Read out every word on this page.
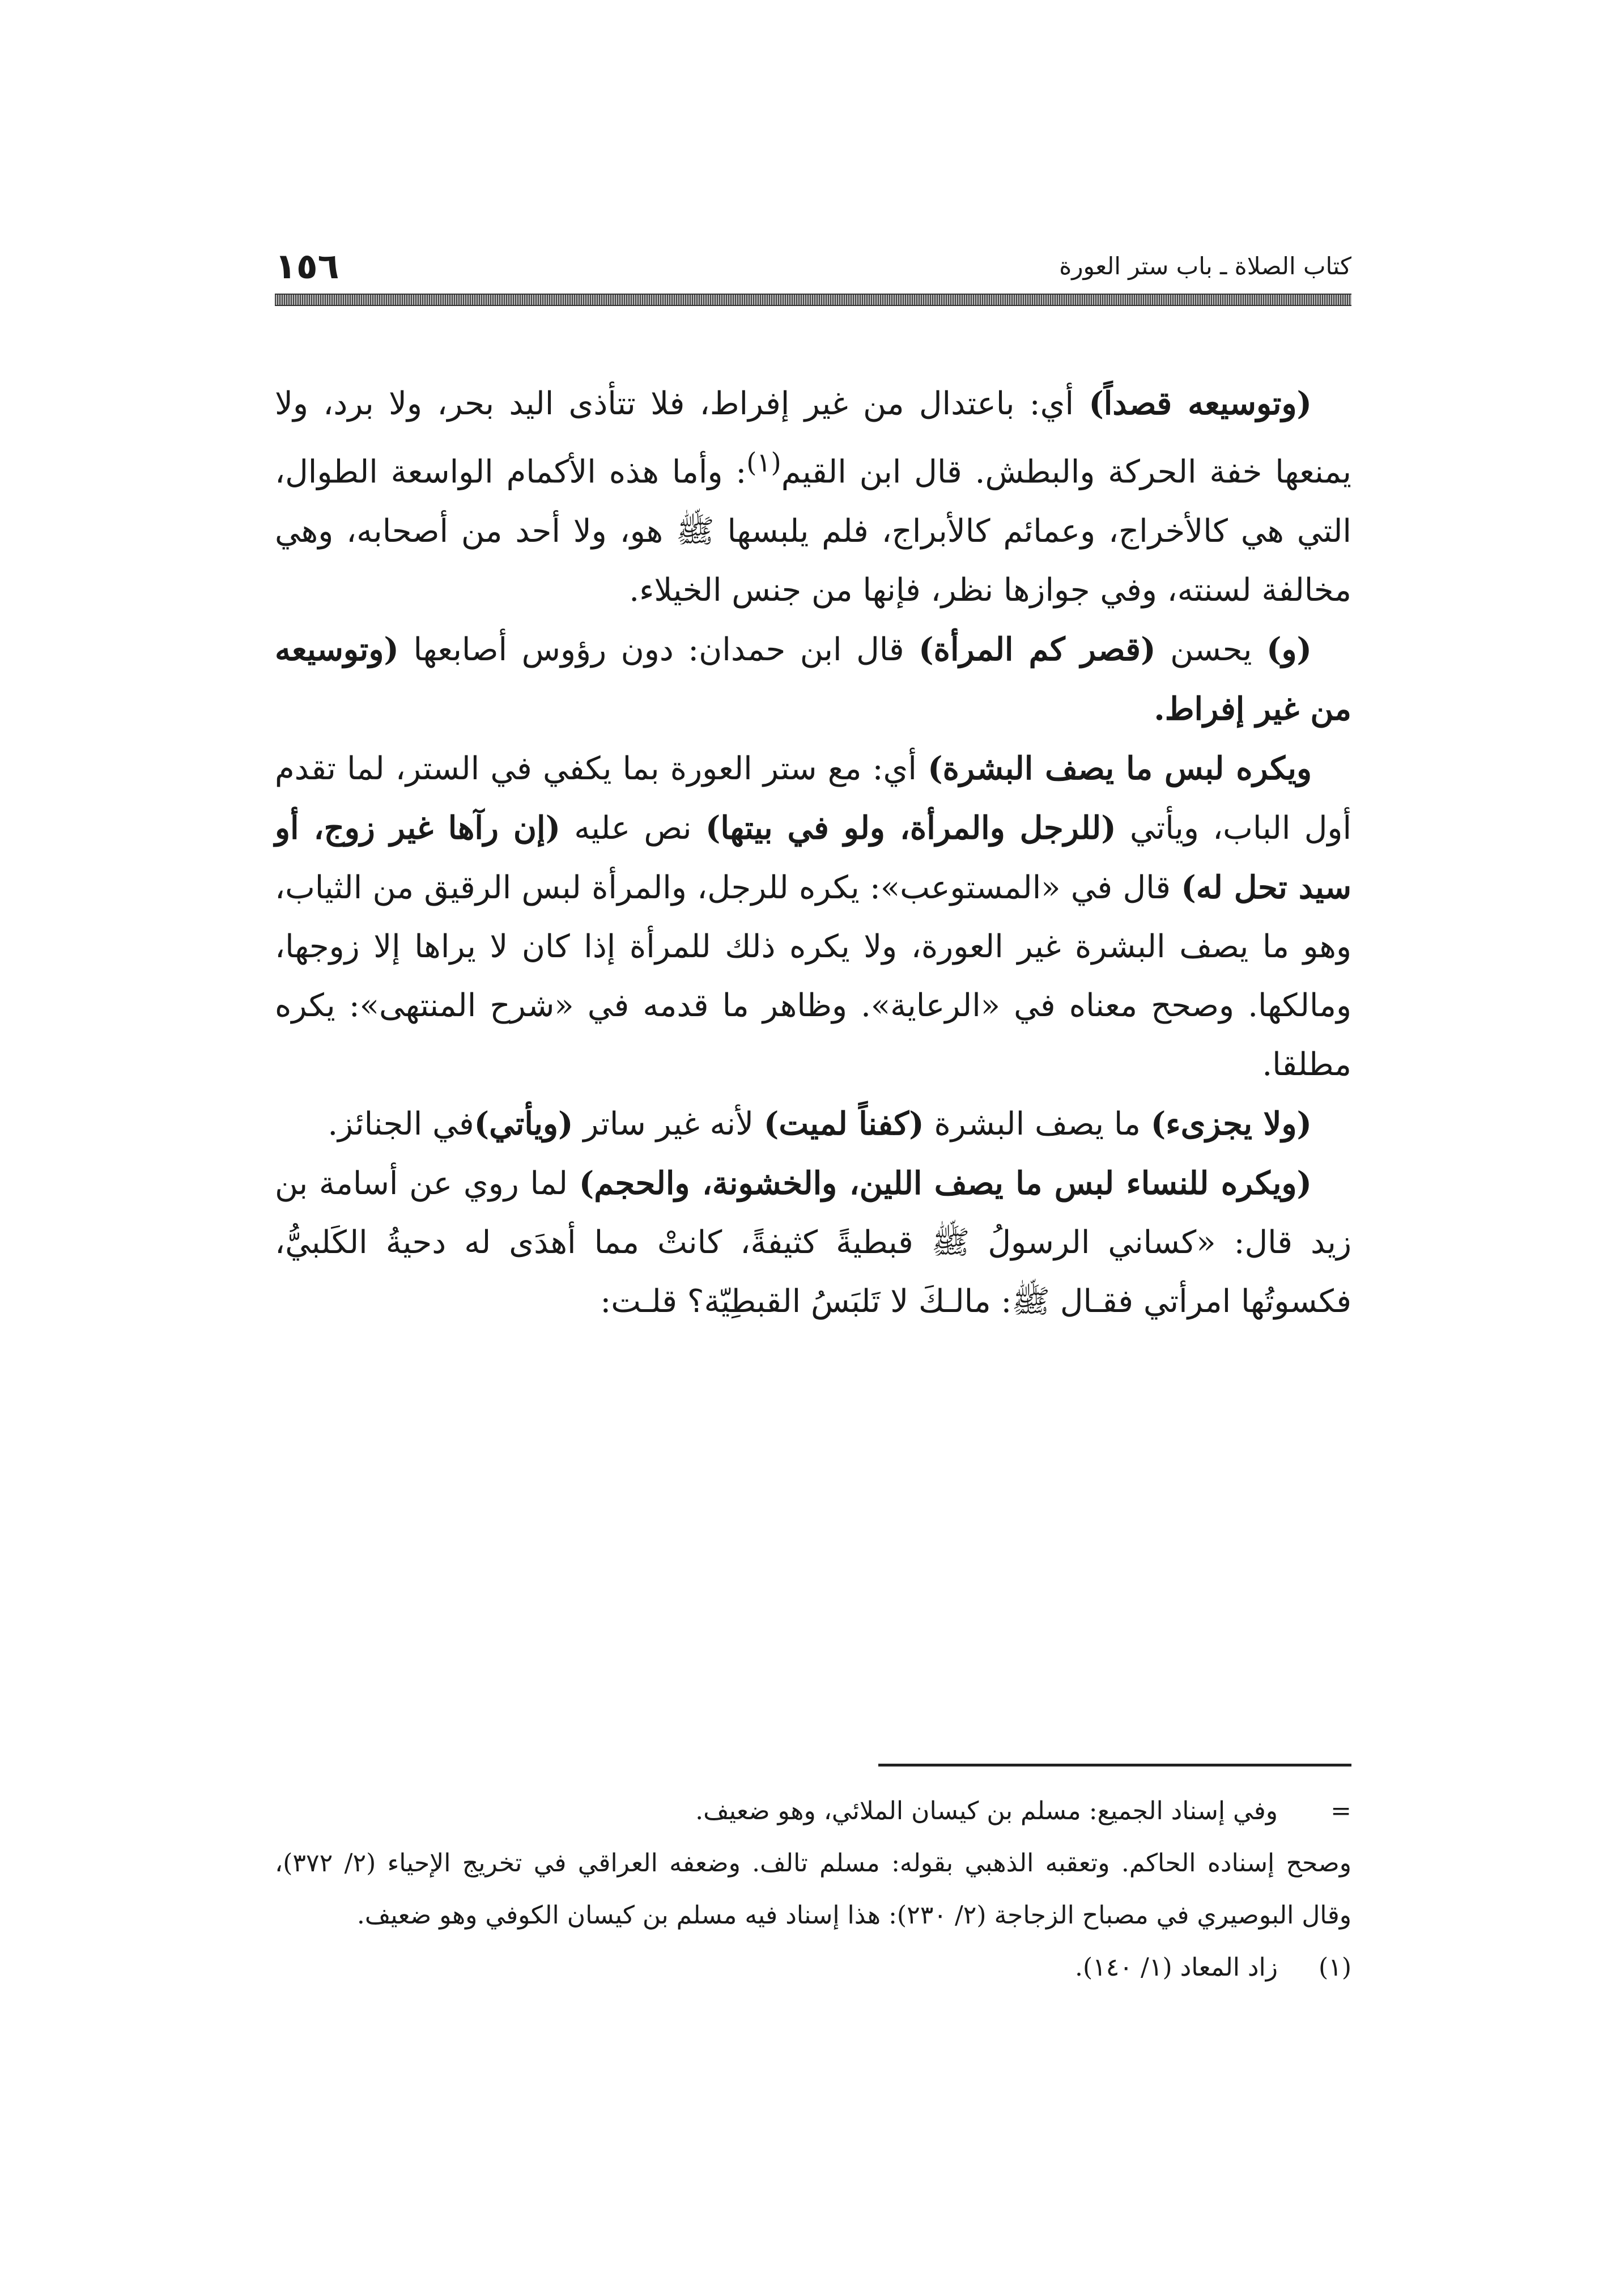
١٥٦	كتاب الصلاة ـ باب ستر العورة

(وتوسيعه قصداً) أي: باعتدال من غير إفراط، فلا تتأذى اليد بحر، ولا برد، ولا يمنعها خفة الحركة والبطش. قال ابن القيم$^{(١)}$: وأما هذه الأكمام الواسعة الطوال، التي هي كالأخراج، وعمائم كالأبراج، فلم يلبسها ﷺ هو، ولا أحد من أصحابه، وهي مخالفة لسنته، وفي جوازها نظر، فإنها من جنس الخيلاء.

(و) يحسن (قصر كم المرأة) قال ابن حمدان: دون رؤوس أصابعها (وتوسيعه من غير إفراط.

ويكره لبس ما يصف البشرة) أي: مع ستر العورة بما يكفي في الستر، لما تقدم أول الباب، ويأتي (للرجل والمرأة، ولو في بيتها) نص عليه (إن رآها غير زوج، أو سيد تحل له) قال في «المستوعب»: يكره للرجل، والمرأة لبس الرقيق من الثياب، وهو ما يصف البشرة غير العورة، ولا يكره ذلك للمرأة إذا كان لا يراها إلا زوجها، ومالكها. وصحح معناه في «الرعاية». وظاهر ما قدمه في «شرح المنتهى»: يكره مطلقا.

(ولا يجزىء) ما يصف البشرة (كفناً لميت) لأنه غير ساتر (ويأتي)في الجنائز.

(ويكره للنساء لبس ما يصف اللين، والخشونة، والحجم) لما روي عن أسامة بن زيد قال: «كساني الرسولُ ﷺ قبطيةً كثيفةً، كانتْ مما أهدَى له دحيةُ الكَلبيُّ، فكسوتُها امرأتي فقـال ﷺ: مالـكَ لا تَلبَسُ القبطِيّة؟ قلـت:

=
وفي إسناد الجميع: مسلم بن كيسان الملائي، وهو ضعيف.

وصحح إسناده الحاكم. وتعقبه الذهبي بقوله: مسلم تالف. وضعفه العراقي في تخريج الإحياء (٢/ ٣٧٢)، وقال البوصيري في مصباح الزجاجة (٢/ ٢٣٠): هذا إسناد فيه مسلم بن كيسان الكوفي وهو ضعيف.

(١)
زاد المعاد (١/ ١٤٠).
